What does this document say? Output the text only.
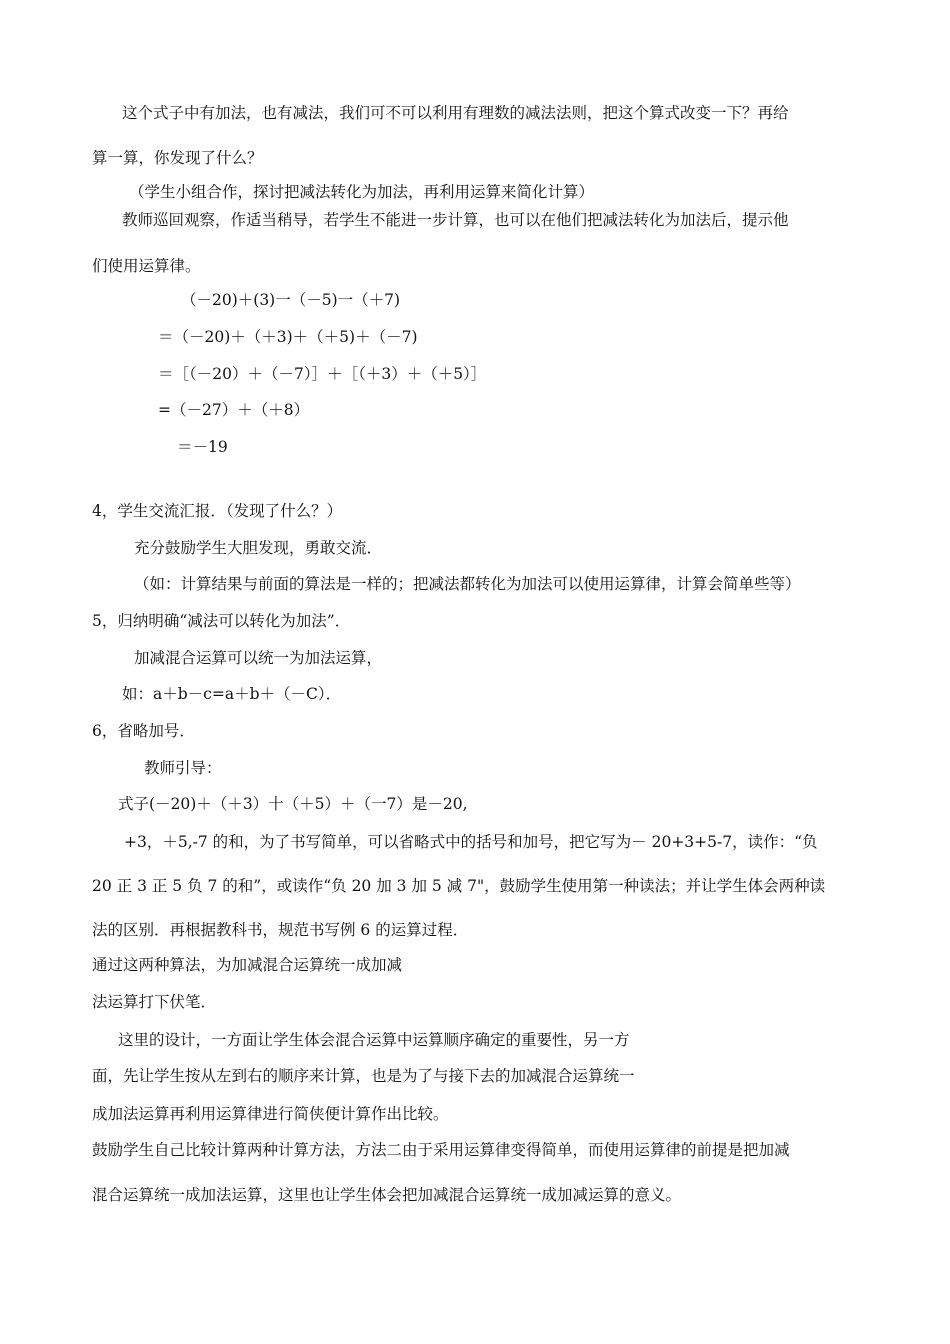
这个式子中有加法，也有减法，我们可不可以利用有理数的减法法则，把这个算式改变一下？再给
算一算，你发现了什么？
（学生小组合作，探讨把减法转化为加法，再利用运算来简化计算）
教师巡回观察，作适当稍导，若学生不能进一步计算，也可以在他们把减法转化为加法后，提示他
们使用运算律。
（－20)＋(3)一（－5)一（＋7)
＝（－20)＋（＋3)＋（＋5)＋（－7)
＝［（－20）＋（－7）］＋［（＋3）＋（＋5）］
=（－27）＋（＋8）
＝－19
4，学生交流汇报．（发现了什么？）
充分鼓励学生大胆发现，勇敢交流．
（如：计算结果与前面的算法是一样的；把减法都转化为加法可以使用运算律，计算会简单些等）
5，归纳明确“减法可以转化为加法”．
加减混合运算可以统一为加法运算，
如：a＋b－c=a＋b＋（－C）．
6，省略加号．
教师引导：
式子(－20)＋（＋3）十（＋5）＋（一7）是－20,
+3，＋5,-7 的和，为了书写简单，可以省略式中的括号和加号，把它写为－ 20+3+5-7，读作：“负
20 正 3 正 5 负 7 的和”，或读作“负 20 加 3 加 5 减 7"，鼓励学生使用第一种读法；并让学生体会两种读
法的区别．再根据教科书，规范书写例 6 的运算过程．
通过这两种算法，为加减混合运算统一成加减
法运算打下伏笔．
这里的设计，一方面让学生体会混合运算中运算顺序确定的重要性，另一方
面，先让学生按从左到右的顺序来计算，也是为了与接下去的加减混合运算统一
成加法运算再利用运算律进行简侠便计算作出比较。
鼓励学生自己比较计算两种计算方法，方法二由于采用运算律变得简单，而使用运算律的前提是把加减
混合运算统一成加法运算，这里也让学生体会把加减混合运算统一成加减运算的意义。
